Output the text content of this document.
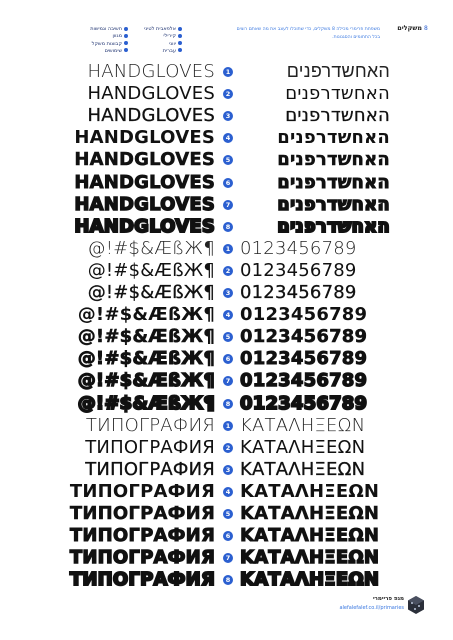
אלפאבית לטיני
קירילי
יווני
עברית
חשיבה וגמישות
מגוון
קבוצות משקל
שימושים
משפחת פרימרי מכילה 8 משקלים, כדי שתוכלו לעצב את מה שאתם רוצים בכל התחומים והסגנונות.
משקלים 8
HANDGLOVES	1	האחשדרפנים
HANDGLOVES	2	האחשדרפנים
HANDGLOVES	3	האחשדרפנים
HANDGLOVES	4	האחשדרפנים
HANDGLOVES	5	האחשדרפנים
HANDGLOVES	6	האחשדרפנים
HANDGLOVES	7	האחשדרפנים
HANDGLOVES	8	האחשדרפנים
@!#$&ÆßЖ¶	1 0123456789
@!#$&ÆßЖ¶	2 0123456789
@!#$&ÆßЖ¶	3 0123456789
@!#$&ÆßЖ¶	4 0123456789
@!#$&ÆßЖ¶	5 0123456789
@!#$&ÆßЖ¶	6 0123456789
@!#$&ÆßЖ¶	7 0123456789
@!#$&ÆßЖ¶	8 0123456789
ТИПОГРАФИЯ	1 ΚΑΤΑΛΗΞΕΩΝ
ТИПОГРАФИЯ	2 ΚΑΤΑΛΗΞΕΩΝ
ТИПОГРАФИЯ	3 ΚΑΤΑΛΗΞΕΩΝ
ТИПОГРАФИЯ	4 ΚΑΤΑΛΗΞΕΩΝ
ТИПОГРАФИЯ	5 ΚΑΤΑΛΗΞΕΩΝ
ТИПОГРАФИЯ	6 ΚΑΤΑΛΗΞΕΩΝ
ТИПОГРАФИЯ	7 ΚΑΤΑΛΗΞΕΩΝ
ТИПОГРАФИЯ	8 ΚΑΤΑΛΗΞΕΩΝ
מגפ פריימרי
alefalefalef.co.il/primaries
